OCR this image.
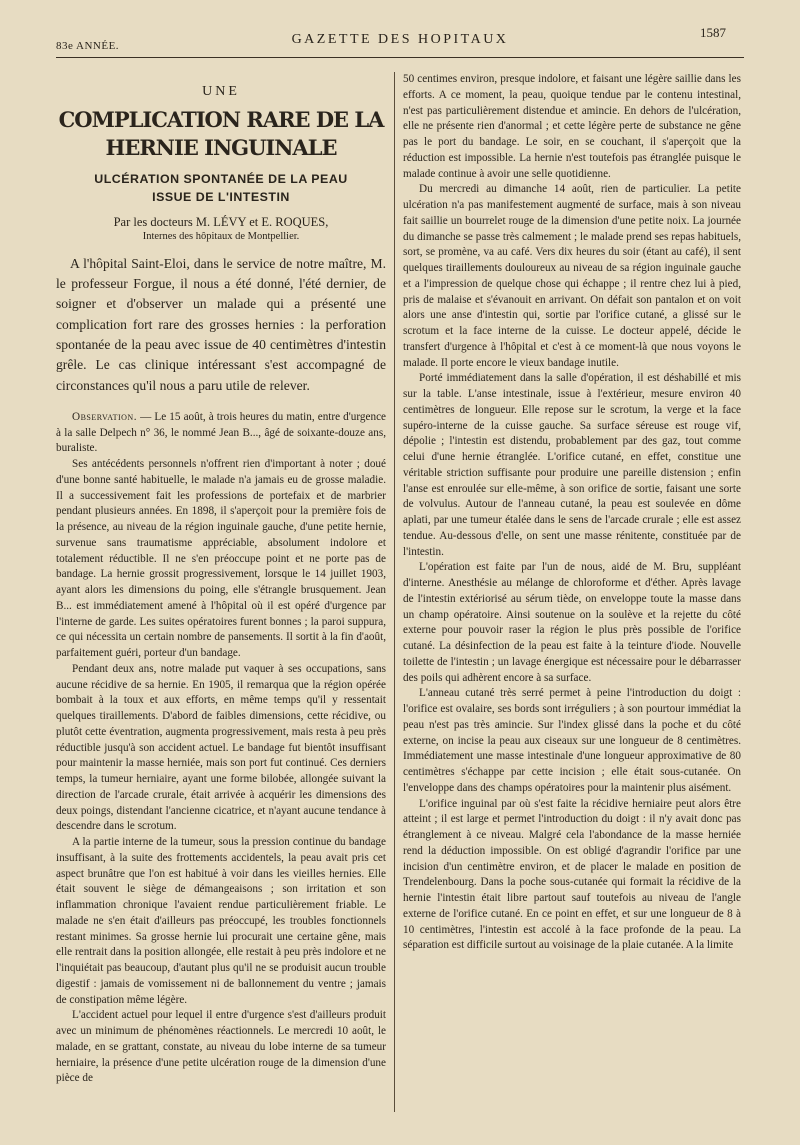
83e ANNÉE.	GAZETTE DES HOPITAUX	1587
UNE
COMPLICATION RARE DE LA HERNIE INGUINALE
ULCÉRATION SPONTANÉE DE LA PEAU
ISSUE DE L'INTESTIN
Par les docteurs M. LÉVY et E. ROQUES,
Internes des hôpitaux de Montpellier.

A l'hôpital Saint-Eloi, dans le service de notre maître, M. le professeur Forgue, il nous a été donné, l'été dernier, de soigner et d'observer un malade qui a présenté une complication fort rare des grosses hernies : la perforation spontanée de la peau avec issue de 40 centimètres d'intestin grêle. Le cas clinique intéressant s'est accompagné de circonstances qu'il nous a paru utile de relever.

Observation. — Le 15 août, à trois heures du matin, entre d'urgence à la salle Delpech n° 36, le nommé Jean B..., âgé de soixante-douze ans, buraliste.

Ses antécédents personnels n'offrent rien d'important à noter ; doué d'une bonne santé habituelle, le malade n'a jamais eu de grosse maladie. Il a successivement fait les professions de portefaix et de marbrier pendant plusieurs années. En 1898, il s'aperçoit pour la première fois de la présence, au niveau de la région inguinale gauche, d'une petite hernie, survenue sans traumatisme appréciable, absolument indolore et totalement réductible. Il ne s'en préoccupe point et ne porte pas de bandage. La hernie grossit progressivement, lorsque le 14 juillet 1903, ayant alors les dimensions du poing, elle s'étrangle brusquement. Jean B... est immédiatement amené à l'hôpital où il est opéré d'urgence par l'interne de garde. Les suites opératoires furent bonnes ; la paroi suppura, ce qui nécessita un certain nombre de pansements. Il sortit à la fin d'août, parfaitement guéri, porteur d'un bandage.

Pendant deux ans, notre malade put vaquer à ses occupations, sans aucune récidive de sa hernie. En 1905, il remarqua que la région opérée bombait à la toux et aux efforts, en même temps qu'il y ressentait quelques tiraillements. D'abord de faibles dimensions, cette récidive, ou plutôt cette éventration, augmenta progressivement, mais resta à peu près réductible jusqu'à son accident actuel. Le bandage fut bientôt insuffisant pour maintenir la masse herniée, mais son port fut continué. Ces derniers temps, la tumeur herniaire, ayant une forme bilobée, allongée suivant la direction de l'arcade crurale, était arrivée à acquérir les dimensions des deux poings, distendant l'ancienne cicatrice, et n'ayant aucune tendance à descendre dans le scrotum.

A la partie interne de la tumeur, sous la pression continue du bandage insuffisant, à la suite des frottements accidentels, la peau avait pris cet aspect brunâtre que l'on est habitué à voir dans les vieilles hernies. Elle était souvent le siège de démangeaisons ; son irritation et son inflammation chronique l'avaient rendue particulièrement friable. Le malade ne s'en était d'ailleurs pas préoccupé, les troubles fonctionnels restant minimes. Sa grosse hernie lui procurait une certaine gêne, mais elle rentrait dans la position allongée, elle restait à peu près indolore et ne l'inquiétait pas beaucoup, d'autant plus qu'il ne se produisit aucun trouble digestif : jamais de vomissement ni de ballonnement du ventre ; jamais de constipation même légère.

L'accident actuel pour lequel il entre d'urgence s'est d'ailleurs produit avec un minimum de phénomènes réactionnels. Le mercredi 10 août, le malade, en se grattant, constate, au niveau du lobe interne de sa tumeur herniaire, la présence d'une petite ulcération rouge de la dimension d'une pièce de

50 centimes environ, presque indolore, et faisant une légère saillie dans les efforts. A ce moment, la peau, quoique tendue par le contenu intestinal, n'est pas particulièrement distendue et amincie. En dehors de l'ulcération, elle ne présente rien d'anormal ; et cette légère perte de substance ne gêne pas le port du bandage. Le soir, en se couchant, il s'aperçoit que la réduction est impossible. La hernie n'est toutefois pas étranglée puisque le malade continue à avoir une selle quotidienne.

Du mercredi au dimanche 14 août, rien de particulier. La petite ulcération n'a pas manifestement augmenté de surface, mais à son niveau fait saillie un bourrelet rouge de la dimension d'une petite noix. La journée du dimanche se passe très calmement ; le malade prend ses repas habituels, sort, se promène, va au café. Vers dix heures du soir (étant au café), il sent quelques tiraillements douloureux au niveau de sa région inguinale gauche et a l'impression de quelque chose qui échappe ; il rentre chez lui à pied, pris de malaise et s'évanouit en arrivant. On défait son pantalon et on voit alors une anse d'intestin qui, sortie par l'orifice cutané, a glissé sur le scrotum et la face interne de la cuisse. Le docteur appelé, décide le transfert d'urgence à l'hôpital et c'est à ce moment-là que nous voyons le malade. Il porte encore le vieux bandage inutile.

Porté immédiatement dans la salle d'opération, il est déshabillé et mis sur la table. L'anse intestinale, issue à l'extérieur, mesure environ 40 centimètres de longueur. Elle repose sur le scrotum, la verge et la face supéro-interne de la cuisse gauche. Sa surface séreuse est rouge vif, dépolie ; l'intestin est distendu, probablement par des gaz, tout comme celui d'une hernie étranglée. L'orifice cutané, en effet, constitue une véritable striction suffisante pour produire une pareille distension ; enfin l'anse est enroulée sur elle-même, à son orifice de sortie, faisant une sorte de volvulus. Autour de l'anneau cutané, la peau est soulevée en dôme aplati, par une tumeur étalée dans le sens de l'arcade crurale ; elle est assez tendue. Au-dessous d'elle, on sent une masse rénitente, constituée par de l'intestin.

L'opération est faite par l'un de nous, aidé de M. Bru, suppléant d'interne. Anesthésie au mélange de chloroforme et d'éther. Après lavage de l'intestin extériorisé au sérum tiède, on enveloppe toute la masse dans un champ opératoire. Ainsi soutenue on la soulève et la rejette du côté externe pour pouvoir raser la région le plus près possible de l'orifice cutané. La désinfection de la peau est faite à la teinture d'iode. Nouvelle toilette de l'intestin ; un lavage énergique est nécessaire pour le débarrasser des poils qui adhèrent encore à sa surface.

L'anneau cutané très serré permet à peine l'introduction du doigt : l'orifice est ovalaire, ses bords sont irréguliers ; à son pourtour immédiat la peau n'est pas très amincie. Sur l'index glissé dans la poche et du côté externe, on incise la peau aux ciseaux sur une longueur de 8 centimètres. Immédiatement une masse intestinale d'une longueur approximative de 80 centimètres s'échappe par cette incision ; elle était sous-cutanée. On l'enveloppe dans des champs opératoires pour la maintenir plus aisément.

L'orifice inguinal par où s'est faite la récidive herniaire peut alors être atteint ; il est large et permet l'introduction du doigt : il n'y avait donc pas étranglement à ce niveau. Malgré cela l'abondance de la masse herniée rend la déduction impossible. On est obligé d'agrandir l'orifice par une incision d'un centimètre environ, et de placer le malade en position de Trendelenbourg. Dans la poche sous-cutanée qui formait la récidive de la hernie l'intestin était libre partout sauf toutefois au niveau de l'angle externe de l'orifice cutané. En ce point en effet, et sur une longueur de 8 à 10 centimètres, l'intestin est accolé à la face profonde de la peau. La séparation est difficile surtout au voisinage de la plaie cutanée. A la limite
